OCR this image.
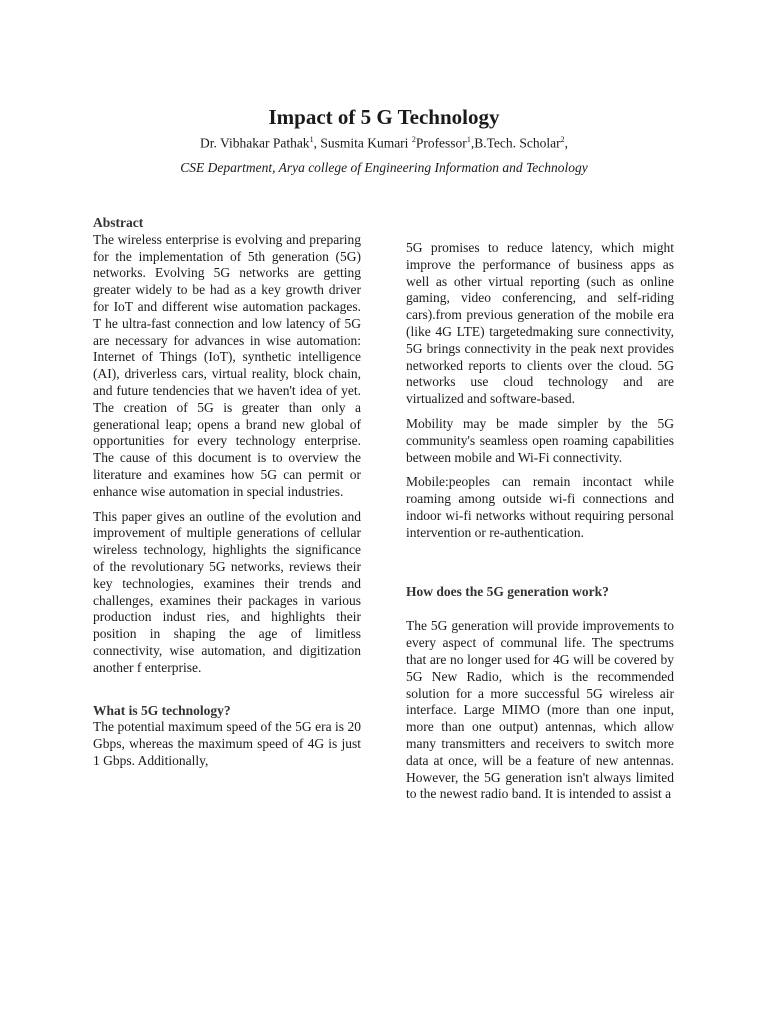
Impact of 5 G Technology
Dr. Vibhakar Pathak$^1$, Susmita Kumari $^2$Professor$^1$,B.Tech. Scholar$^2$,
CSE Department, Arya college of Engineering Information and Technology
Abstract

The wireless enterprise is evolving and preparing for the implementation of 5th generation (5G) networks. Evolving 5G networks are getting greater widely to be had as a key growth driver for IoT and different wise automation packages. T he ultra-fast connection and low latency of 5G are necessary for advances in wise automation: Internet of Things (IoT), synthetic intelligence (AI), driverless cars, virtual reality, block chain, and future tendencies that we haven't idea of yet. The creation of 5G is greater than only a generational leap; opens a brand new global of opportunities for every technology enterprise. The cause of this document is to overview the literature and examines how 5G can permit or enhance wise automation in special industries.

This paper gives an outline of the evolution and improvement of multiple generations of cellular wireless technology, highlights the significance of the revolutionary 5G networks, reviews their key technologies, examines their trends and challenges, examines their packages in various production indust ries, and highlights their position in shaping the age of limitless connectivity, wise automation, and digitization another f enterprise.

What is 5G technology?

The potential maximum speed of the 5G era is 20 Gbps, whereas the maximum speed of 4G is just 1 Gbps. Additionally,

5G promises to reduce latency, which might improve the performance of business apps as well as other virtual reporting (such as online gaming, video conferencing, and self-riding cars).from previous generation of the mobile era (like 4G LTE) targetedmaking sure connectivity, 5G brings connectivity in the peak next provides networked reports to clients over the cloud. 5G networks use cloud technology and are virtualized and software-based.

Mobility may be made simpler by the 5G community's seamless open roaming capabilities between mobile and Wi-Fi connectivity.

Mobile:peoples can remain incontact while roaming among outside wi-fi connections and indoor wi-fi networks without requiring personal intervention or re-authentication.

How does the 5G generation work?

The 5G generation will provide improvements to every aspect of communal life. The spectrums that are no longer used for 4G will be covered by 5G New Radio, which is the recommended solution for a more successful 5G wireless air interface. Large MIMO (more than one input, more than one output) antennas, which allow many transmitters and receivers to switch more data at once, will be a feature of new antennas. However, the 5G generation isn't always limited to the newest radio band. It is intended to assist a
